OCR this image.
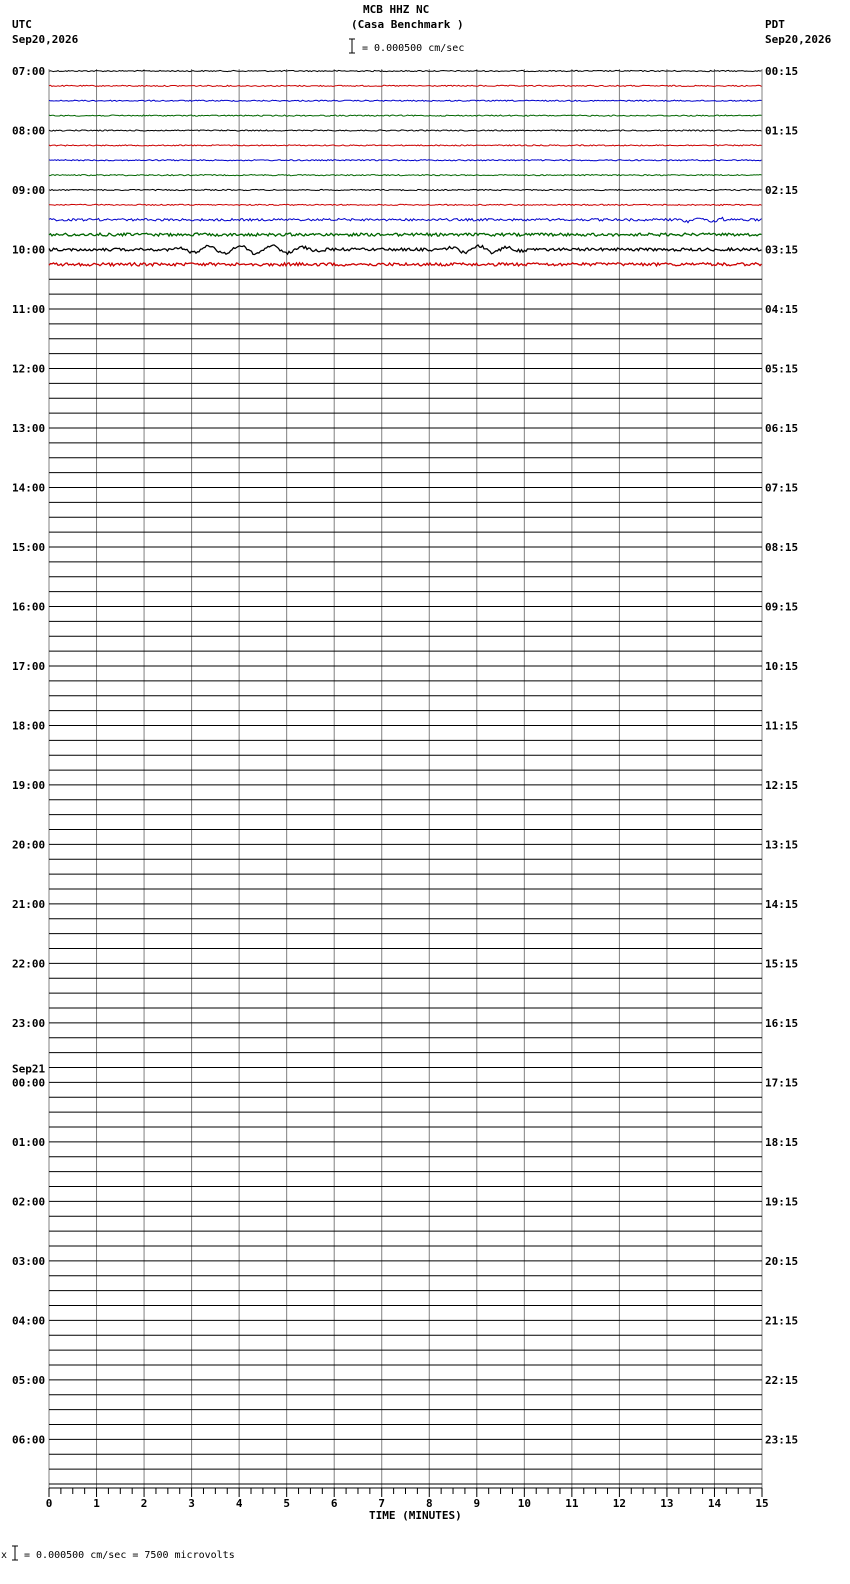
MCB HHZ NC
(Casa Benchmark )
= 0.000500 cm/sec
UTC
Sep20,2026
PDT
Sep20,2026
0	1	2	3	4	5	6	7	8	9	10	11	12	13	14	15
07:00
08:00
09:00
10:00
11:00
12:00
13:00
14:00
15:00
16:00
17:00
18:00
19:00
20:00
21:00
22:00
23:00
00:00
Sep21
01:00
02:00
03:00
04:00
05:00
06:00
00:15
01:15
02:15
03:15
04:15
05:15
06:15
07:15
08:15
09:15
10:15
11:15
12:15
13:15
14:15
15:15
16:15
17:15
18:15
19:15
20:15
21:15
22:15
23:15
TIME (MINUTES)
x = 0.000500 cm/sec = 7500 microvolts
